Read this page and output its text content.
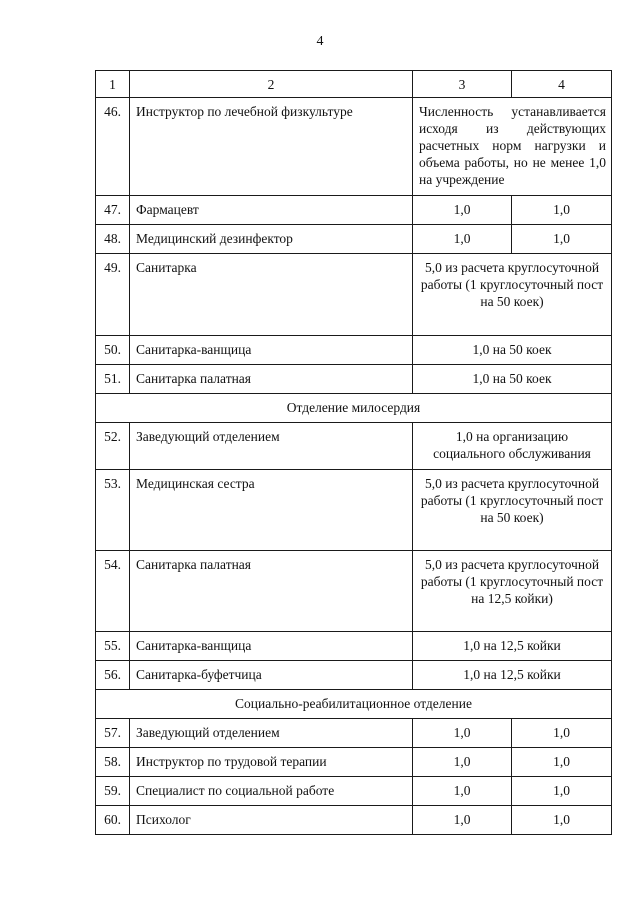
4
1	2	3	4
46.	Инструктор по лечебной физкультуре	Численность устанавливается исходя из действующих расчетных норм нагрузки и объема работы, но не менее 1,0 на учреждение	
47.	Фармацевт	1,0	1,0
48.	Медицинский дезинфектор	1,0	1,0
49.	Санитарка	5,0 из расчета круглосуточной работы (1 круглосуточный пост на 50 коек)	
50.	Санитарка-ванщица	1,0 на 50 коек	
51.	Санитарка палатная	1,0 на 50 коек	
Отделение милосердия			
52.	Заведующий отделением	1,0 на организацию социального обслуживания	
53.	Медицинская сестра	5,0 из расчета круглосуточной работы (1 круглосуточный пост на 50 коек)	
54.	Санитарка палатная	5,0 из расчета круглосуточной работы (1 круглосуточный пост на 12,5 койки)	
55.	Санитарка-ванщица	1,0 на 12,5 койки	
56.	Санитарка-буфетчица	1,0 на 12,5 койки	
Социально-реабилитационное отделение			
57.	Заведующий отделением	1,0	1,0
58.	Инструктор по трудовой терапии	1,0	1,0
59.	Специалист по социальной работе	1,0	1,0
60.	Психолог	1,0	1,0
